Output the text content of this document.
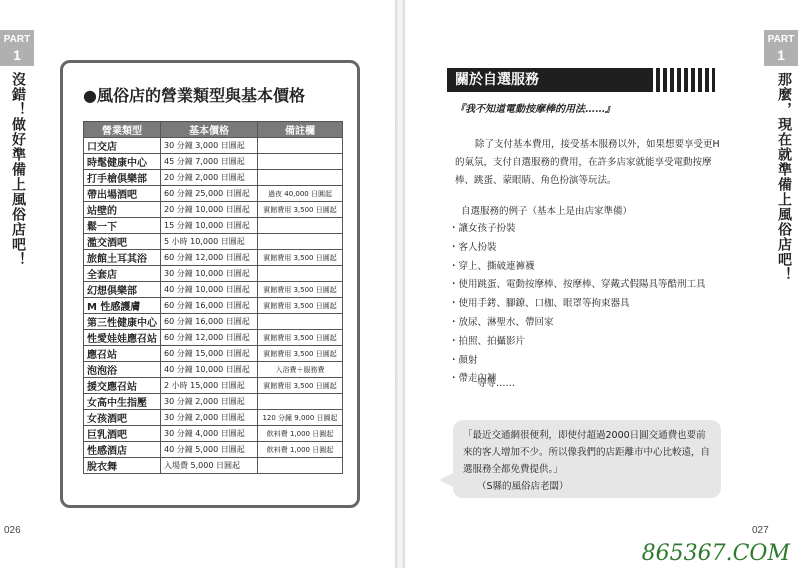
PART
1
沒錯！做好準備上風俗店吧！	●風俗店的營業類型與基本價格
營業類型	基本價格	備註欄
口交店	30 分鐘 3,000 日圓起	
時髦健康中心	45 分鐘 7,000 日圓起	
打手槍俱樂部	20 分鐘 2,000 日圓起	
帶出場酒吧	60 分鐘 25,000 日圓起	過夜 40,000 日圓起
站壁的	20 分鐘 10,000 日圓起	賓館費用 3,500 日圓起
鬆一下	15 分鐘 10,000 日圓起	
濫交酒吧	5 小時 10,000 日圓起	
旅館土耳其浴	60 分鐘 12,000 日圓起	賓館費用 3,500 日圓起
全套店	30 分鐘 10,000 日圓起	
幻想俱樂部	40 分鐘 10,000 日圓起	賓館費用 3,500 日圓起
M 性感護膚	60 分鐘 16,000 日圓起	賓館費用 3,500 日圓起
第三性健康中心	60 分鐘 16,000 日圓起	
性愛娃娃應召站	60 分鐘 12,000 日圓起	賓館費用 3,500 日圓起
應召站	60 分鐘 15,000 日圓起	賓館費用 3,500 日圓起
泡泡浴	40 分鐘 10,000 日圓起	入浴費＋服務費
援交應召站	2 小時 15,000 日圓起	賓館費用 3,500 日圓起
女高中生指壓	30 分鐘 2,000 日圓起	
女孩酒吧	30 分鐘 2,000 日圓起	120 分鐘 9,000 日圓起
巨乳酒吧	30 分鐘 4,000 日圓起	飲料費 1,000 日圓起
性感酒店	40 分鐘 5,000 日圓起	飲料費 1,000 日圓起
脫衣舞	入場費 5,000 日圓起	
026
PART
1
那麼，現在就準備上風俗店吧！
關於自選服務
『我不知道電動按摩棒的用法……』

除了支付基本費用，接受基本服務以外，如果想要享受更H的氣氛，支付自選服務的費用，在許多店家就能享受電動按摩棒、跳蛋、蒙眼睛、角色扮演等玩法。

自選服務的例子（基本上是由店家準備）

・讓女孩子扮裝
・客人扮裝
・穿上、撕破連褲襪
・使用跳蛋、電動按摩棒、按摩棒、穿戴式假陽具等酷刑工具
・使用手銬、腳鐐、口枷、眼罩等拘束器具
・放尿、淋聖水、帶回家
・拍照、拍攝影片
・顏射
・帶走內褲
等等……
「最近交通網很便利，即使付超過2000日圓交通費也要前來的客人增加不少。所以像我們的店距離市中心比較遠，自選服務全都免費提供。」
（S縣的風俗店老闆）
027
865367.COM
